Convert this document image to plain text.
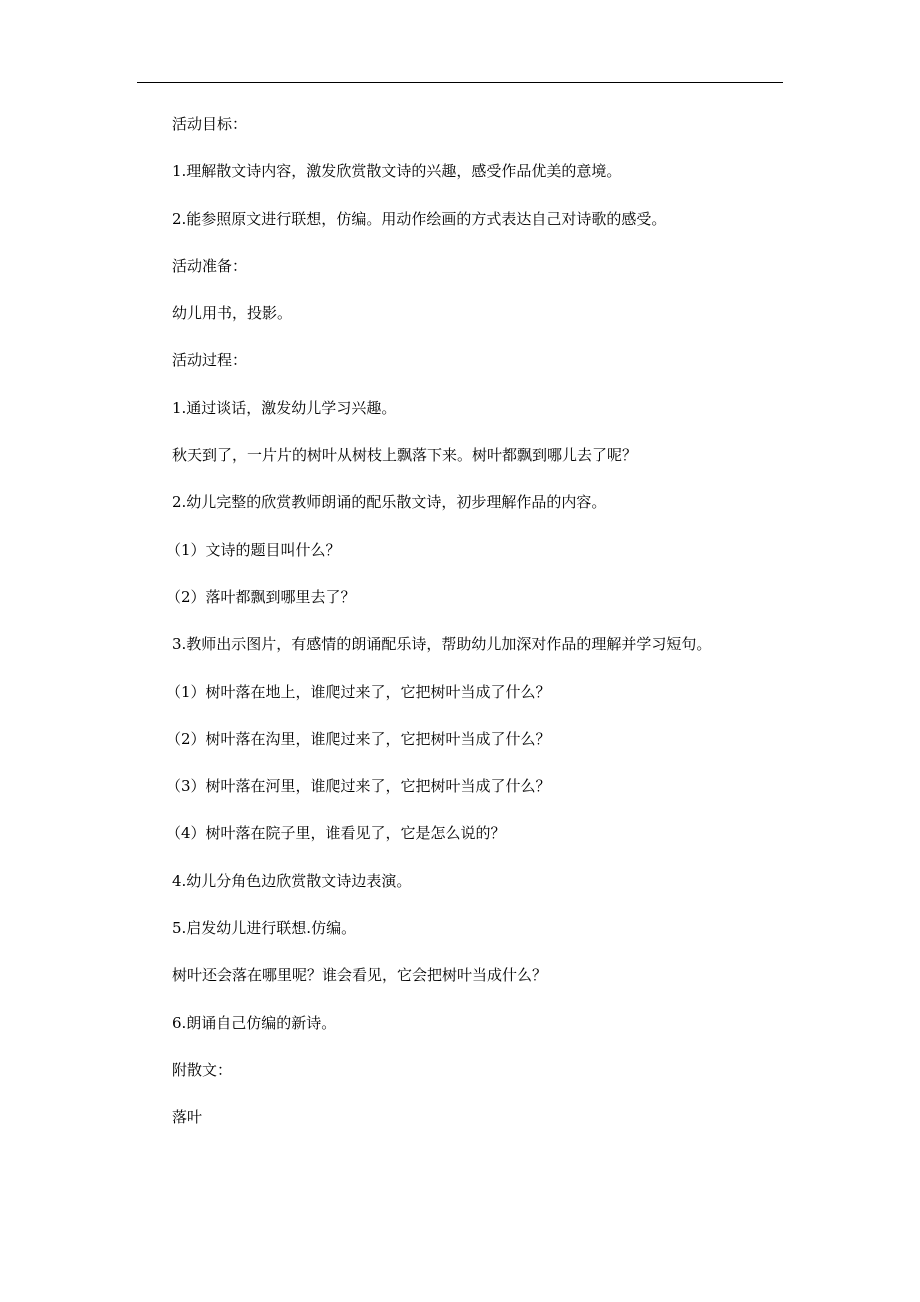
活动目标：
1.理解散文诗内容，激发欣赏散文诗的兴趣，感受作品优美的意境。
2.能参照原文进行联想，仿编。用动作绘画的方式表达自己对诗歌的感受。
活动准备：
幼儿用书，投影。
活动过程：
1.通过谈话，激发幼儿学习兴趣。
秋天到了，一片片的树叶从树枝上飘落下来。树叶都飘到哪儿去了呢？
2.幼儿完整的欣赏教师朗诵的配乐散文诗，初步理解作品的内容。
（1）文诗的题目叫什么？
（2）落叶都飘到哪里去了？
3.教师出示图片，有感情的朗诵配乐诗，帮助幼儿加深对作品的理解并学习短句。
（1）树叶落在地上，谁爬过来了，它把树叶当成了什么？
（2）树叶落在沟里，谁爬过来了，它把树叶当成了什么？
（3）树叶落在河里，谁爬过来了，它把树叶当成了什么？
（4）树叶落在院子里，谁看见了，它是怎么说的？
4.幼儿分角色边欣赏散文诗边表演。
5.启发幼儿进行联想.仿编。
树叶还会落在哪里呢？谁会看见，它会把树叶当成什么？
6.朗诵自己仿编的新诗。
附散文：
落叶
